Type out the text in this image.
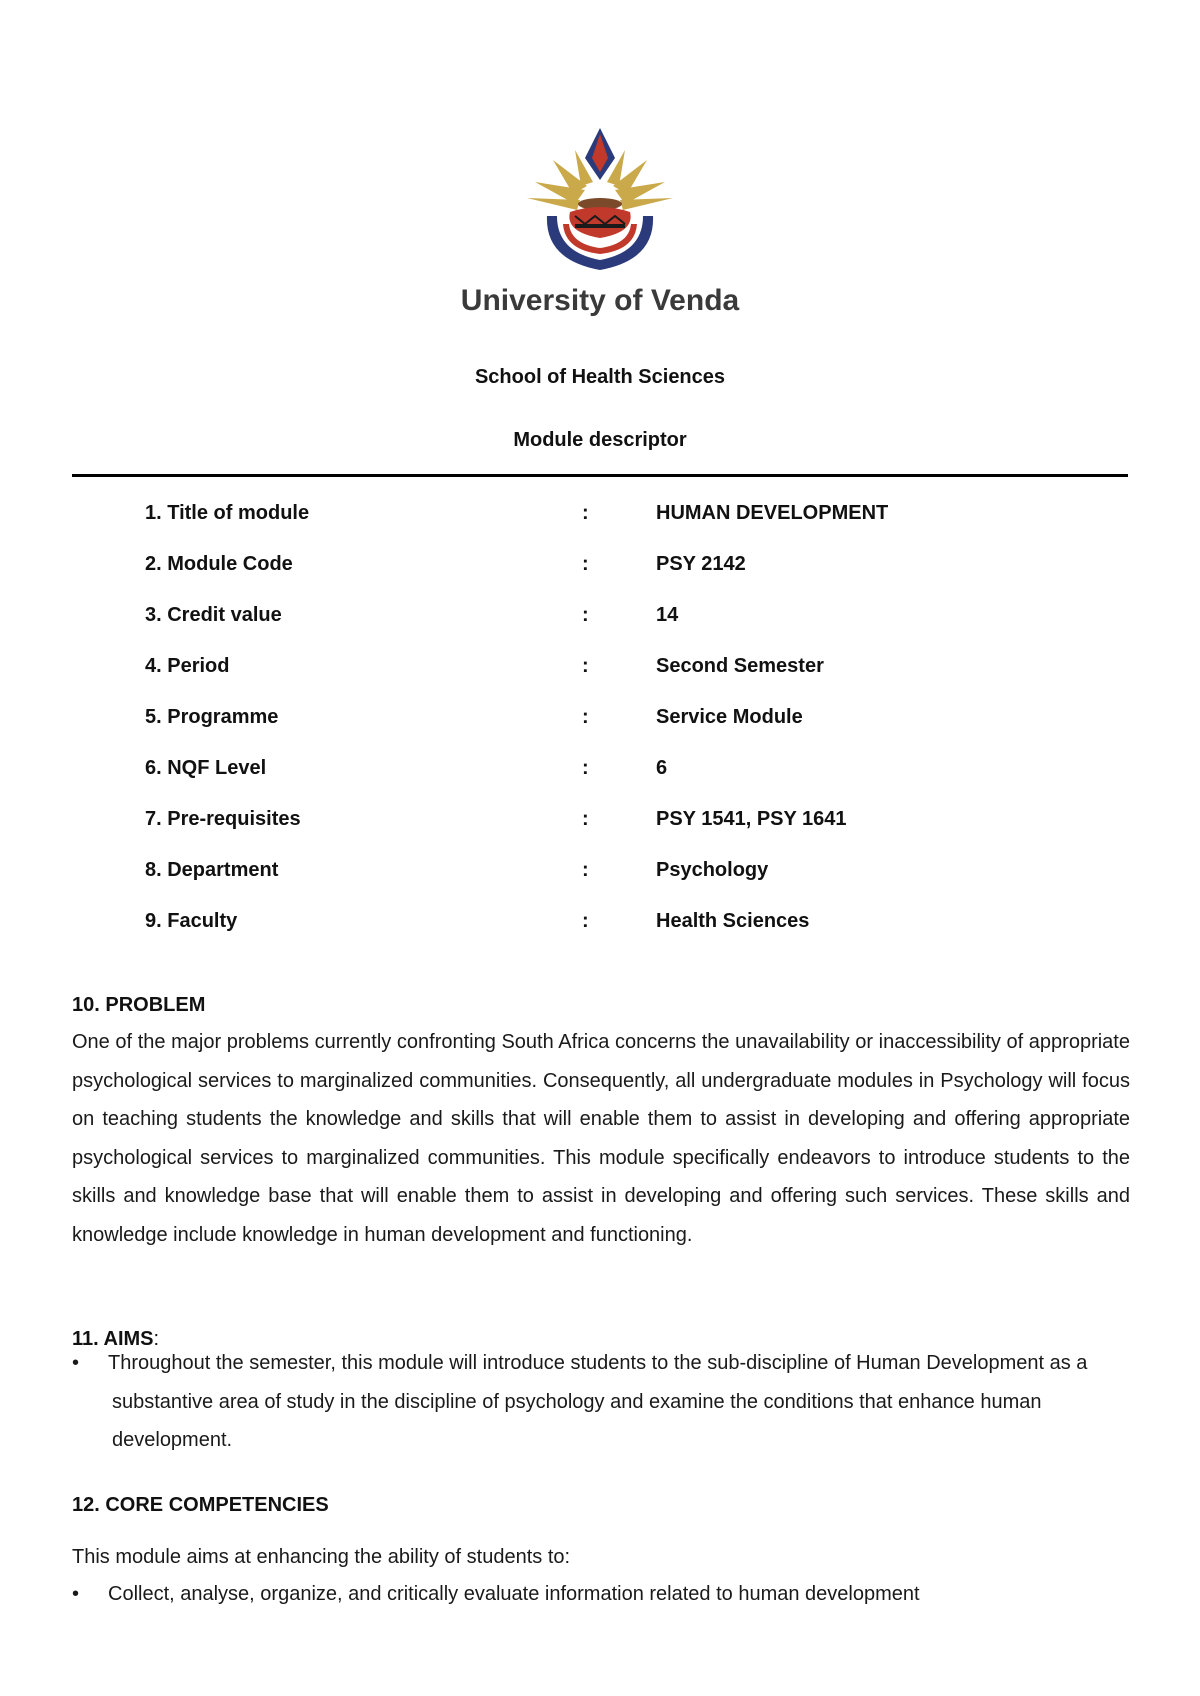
University of Venda
School of Health Sciences
Module descriptor
1. Title of module	:	HUMAN DEVELOPMENT
2. Module Code	:	PSY 2142
3. Credit value	:	14
4. Period	:	Second Semester
5. Programme	:	Service Module
6. NQF Level	:	6
7. Pre-requisites	:	PSY 1541, PSY 1641
8. Department	:	Psychology
9. Faculty	:	Health Sciences
10. PROBLEM
One of the major problems currently confronting South Africa concerns the unavailability or inaccessibility of appropriate psychological services to marginalized communities. Consequently, all undergraduate modules in Psychology will focus on teaching students the knowledge and skills that will enable them to assist in developing and offering appropriate psychological services to marginalized communities. This module specifically endeavors to introduce students to the skills and knowledge base that will enable them to assist in developing and offering such services. These skills and knowledge include knowledge in human development and functioning.
11. AIMS:
•	Throughout the semester, this module will introduce students to the sub-discipline of Human Development as a substantive area of study in the discipline of psychology and examine the conditions that enhance human development.
12. CORE COMPETENCIES
This module aims at enhancing the ability of students to:
•	Collect, analyse, organize, and critically evaluate information related to human development
